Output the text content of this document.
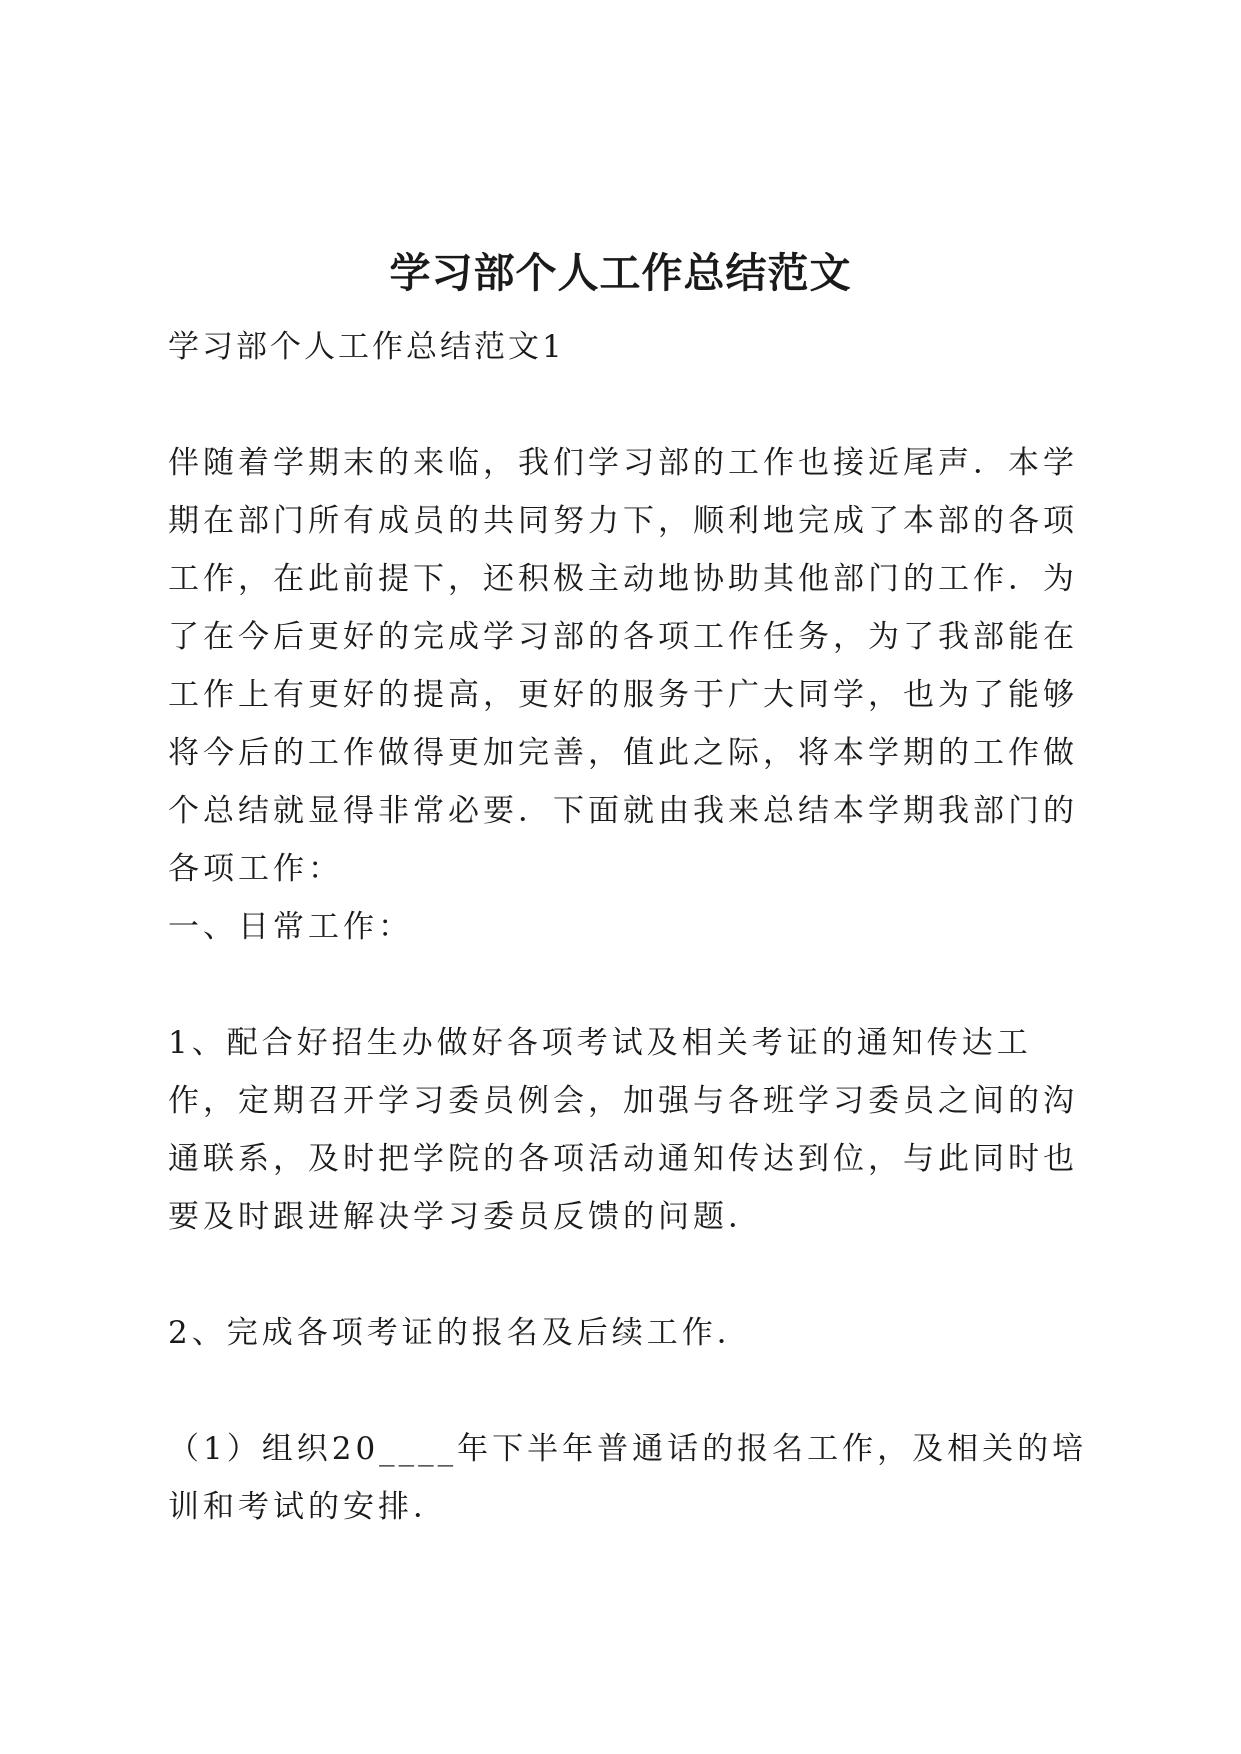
学习部个人工作总结范文
学习部个人工作总结范文1
伴随着学期末的来临，我们学习部的工作也接近尾声．本学期在部门所有成员的共同努力下，顺利地完成了本部的各项工作，在此前提下，还积极主动地协助其他部门的工作．为了在今后更好的完成学习部的各项工作任务，为了我部能在工作上有更好的提高，更好的服务于广大同学，也为了能够将今后的工作做得更加完善，值此之际，将本学期的工作做个总结就显得非常必要．下面就由我来总结本学期我部门的各项工作：
一、日常工作：
1、配合好招生办做好各项考试及相关考证的通知传达工作，定期召开学习委员例会，加强与各班学习委员之间的沟通联系，及时把学院的各项活动通知传达到位，与此同时也要及时跟进解决学习委员反馈的问题．
2、完成各项考证的报名及后续工作．
（1）组织20____年下半年普通话的报名工作，及相关的培训和考试的安排．
